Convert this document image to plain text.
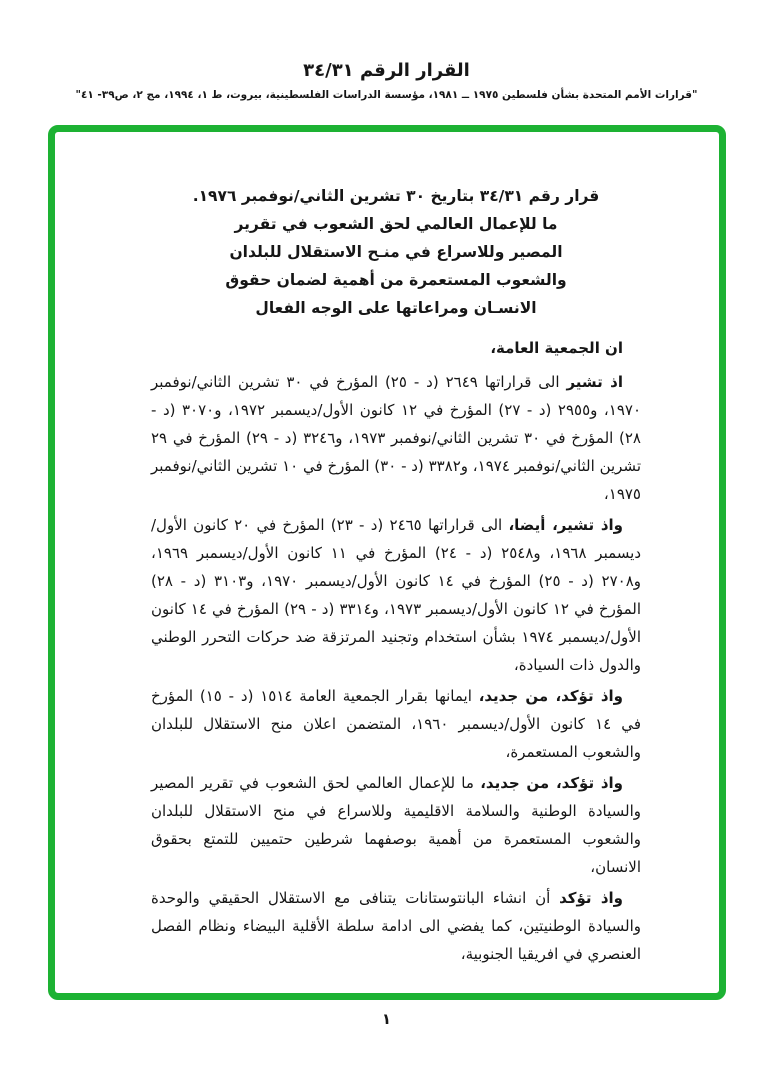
القرار الرقم ٣٤/٣١
"قرارات الأمم المتحدة بشأن فلسطين ١٩٧٥ ــ ١٩٨١، مؤسسة الدراسات الفلسطينية، بيروت، ط ١، ١٩٩٤، مج ٢، ص٣٩- ٤١"
قرار رقم ٣٤/٣١ بتاريخ ٣٠ تشرين الثاني/نوفمبر ١٩٧٦.
ما للإعمال العالمي لحق الشعوب في تقرير
المصير وللاسراع في منـح الاستقلال للبلدان
والشعوب المستعمرة من أهمية لضمان حقوق
الانسـان ومراعاتها على الوجه الفعال

ان الجمعية العامة،

اذ تشير الى قراراتها ٢٦٤٩ (د - ٢٥) المؤرخ في ٣٠ تشرين الثاني/نوفمبر ١٩٧٠، و٢٩٥٥ (د - ٢٧) المؤرخ في ١٢ كانون الأول/ديسمبر ١٩٧٢، و٣٠٧٠ (د - ٢٨) المؤرخ في ٣٠ تشرين الثاني/نوفمبر ١٩٧٣، و٣٢٤٦ (د - ٢٩) المؤرخ في ٢٩ تشرين الثاني/نوفمبر ١٩٧٤، و٣٣٨٢ (د - ٣٠) المؤرخ في ١٠ تشرين الثاني/نوفمبر ١٩٧٥،

واذ تشير، أيضا، الى قراراتها ٢٤٦٥ (د - ٢٣) المؤرخ في ٢٠ كانون الأول/ديسمبر ١٩٦٨، و٢٥٤٨ (د - ٢٤) المؤرخ في ١١ كانون الأول/ديسمبر ١٩٦٩، و٢٧٠٨ (د - ٢٥) المؤرخ في ١٤ كانون الأول/ديسمبر ١٩٧٠، و٣١٠٣ (د - ٢٨) المؤرخ في ١٢ كانون الأول/ديسمبر ١٩٧٣، و٣٣١٤ (د - ٢٩) المؤرخ في ١٤ كانون الأول/ديسمبر ١٩٧٤ بشأن استخدام وتجنيد المرتزقة ضد حركات التحرر الوطني والدول ذات السيادة،

واذ تؤكد، من جديد، ايمانها بقرار الجمعية العامة ١٥١٤ (د - ١٥) المؤرخ في ١٤ كانون الأول/ديسمبر ١٩٦٠، المتضمن اعلان منح الاستقلال للبلدان والشعوب المستعمرة،

واذ تؤكد، من جديد، ما للإعمال العالمي لحق الشعوب في تقرير المصير والسيادة الوطنية والسلامة الاقليمية وللاسراع في منح الاستقلال للبلدان والشعوب المستعمرة من أهمية بوصفهما شرطين حتميين للتمتع بحقوق الانسان،

واذ تؤكد أن انشاء البانتوستانات يتنافى مع الاستقلال الحقيقي والوحدة والسيادة الوطنيتين، كما يفضي الى ادامة سلطة الأقلية البيضاء ونظام الفصل العنصري في افريقيا الجنوبية،

١
